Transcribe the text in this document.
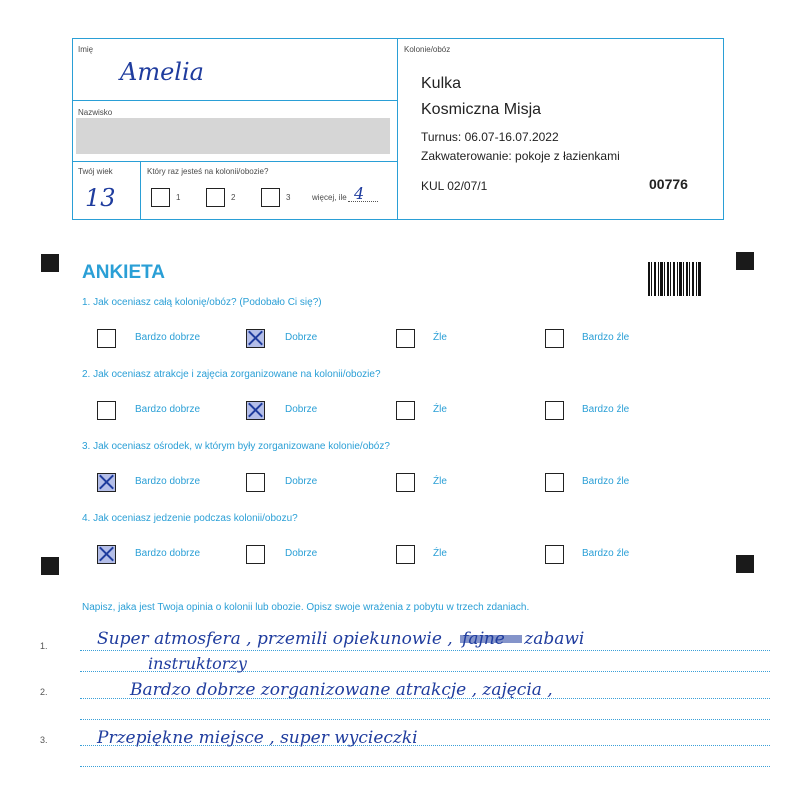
Imię
Amelia
Nazwisko
Twój wiek
13
Który raz jesteś na kolonii/obozie?
1	2	3	więcej, ile 4
Kolonie/obóz
Kulka
Kosmiczna Misja
Turnus: 06.07-16.07.2022
Zakwaterowanie: pokoje z łazienkami
KUL 02/07/1	00776
ANKIETA
1. Jak oceniasz całą kolonię/obóz? (Podobało Ci się?)
Bardzo dobrze	Dobrze	Źle	Bardzo źle
2. Jak oceniasz atrakcje i zajęcia zorganizowane na kolonii/obozie?
Bardzo dobrze	Dobrze	Źle	Bardzo źle
3. Jak oceniasz ośrodek, w którym były zorganizowane kolonie/obóz?
Bardzo dobrze	Dobrze	Źle	Bardzo źle
4. Jak oceniasz jedzenie podczas kolonii/obozu?
Bardzo dobrze	Dobrze	Źle	Bardzo źle
Napisz, jaka jest Twoja opinia o kolonii lub obozie. Opisz swoje wrażenia z pobytu w trzech zdaniach.
1.
2.
3.
Super atmosfera , przemili opiekunowie ,	zabawi
instruktorzy
Bardzo dobrze zorganizowane atrakcje , zajęcia ,
Przepiękne miejsce , super wycieczki
